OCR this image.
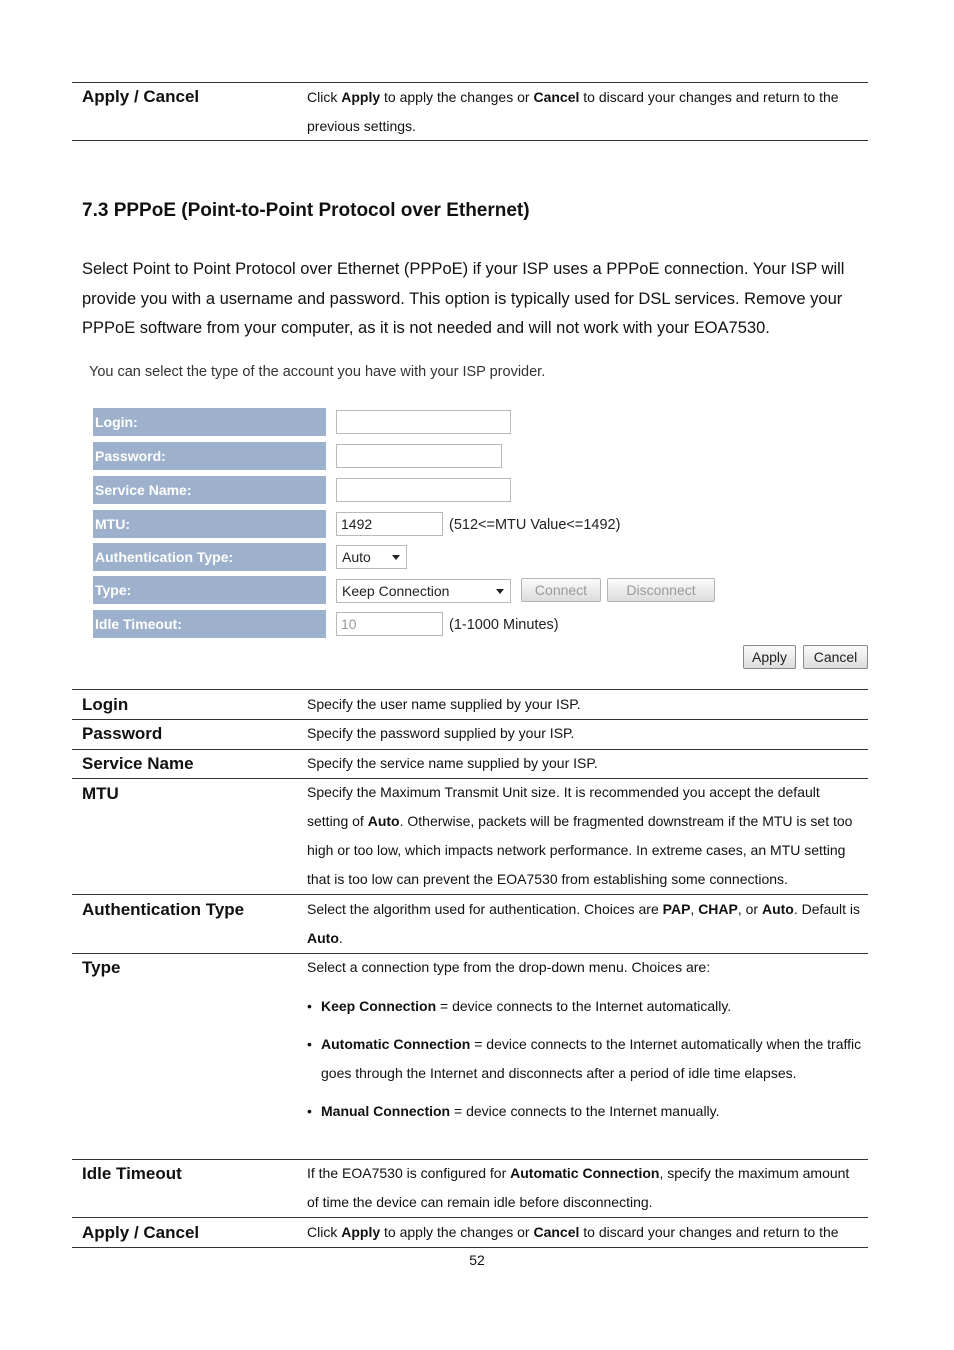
Apply / Cancel	Click Apply to apply the changes or Cancel to discard your changes and return to the previous settings.

7.3 PPPoE (Point-to-Point Protocol over Ethernet)
Select Point to Point Protocol over Ethernet (PPPoE) if your ISP uses a PPPoE connection. Your ISP will provide you with a username and password. This option is typically used for DSL services. Remove your PPPoE software from your computer, as it is not needed and will not work with your EOA7530.
You can select the type of the account you have with your ISP provider.
Login:
Password:
Service Name:
MTU:	1492	(512<=MTU Value<=1492)
Authentication Type:	Auto
Type:	Keep Connection	Connect	Disconnect
Idle Timeout:	10	(1-1000 Minutes)
Apply	Cancel
Login	Specify the user name supplied by your ISP.
Password	Specify the password supplied by your ISP.
Service Name	Specify the service name supplied by your ISP.
MTU	Specify the Maximum Transmit Unit size. It is recommended you accept the default setting of Auto. Otherwise, packets will be fragmented downstream if the MTU is set too high or too low, which impacts network performance. In extreme cases, an MTU setting that is too low can prevent the EOA7530 from establishing some connections.

Authentication Type	Select the algorithm used for authentication. Choices are PAP, CHAP, or Auto. Default is Auto.

Type	Select a connection type from the drop-down menu. Choices are:

• Keep Connection = device connects to the Internet automatically.
• Automatic Connection = device connects to the Internet automatically when the traffic goes through the Internet and disconnects after a period of idle time elapses.
• Manual Connection = device connects to the Internet manually.
Idle Timeout	If the EOA7530 is configured for Automatic Connection, specify the maximum amount of time the device can remain idle before disconnecting.

Apply / Cancel	Click Apply to apply the changes or Cancel to discard your changes and return to the

52
